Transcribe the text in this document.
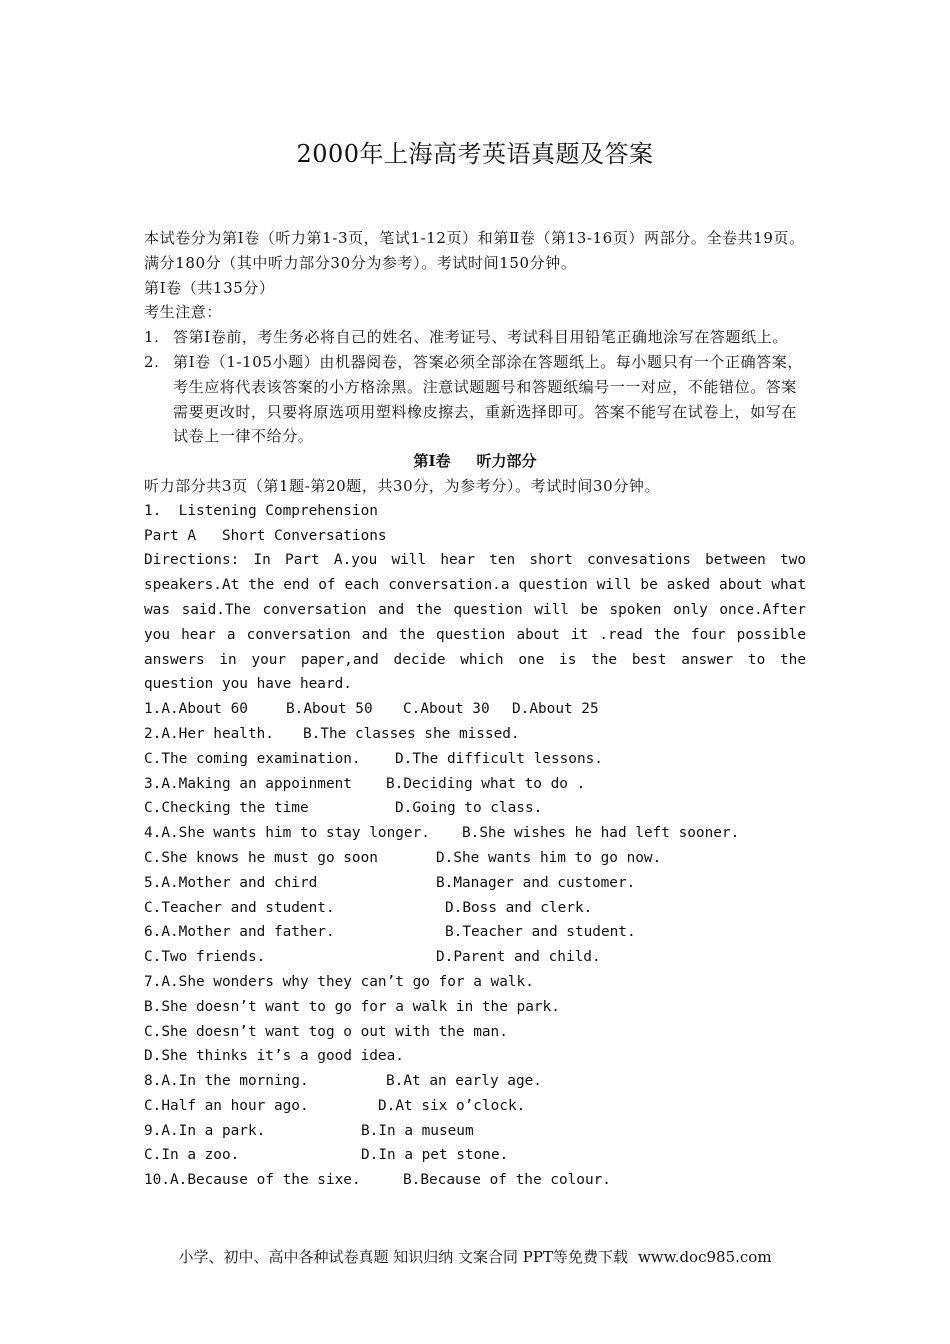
2000年上海高考英语真题及答案
本试卷分为第Ⅰ卷（听力第1-3页，笔试1-12页）和第Ⅱ卷（第13-16页）两部分。全卷共19页。满分180分（其中听力部分30分为参考）。考试时间150分钟。
第Ⅰ卷（共135分）
考生注意：
1. 答第Ⅰ卷前，考生务必将自己的姓名、准考证号、考试科目用铅笔正确地涂写在答题纸上。
2. 第Ⅰ卷（1-105小题）由机器阅卷，答案必须全部涂在答题纸上。每小题只有一个正确答案，考生应将代表该答案的小方格涂黑。注意试题题号和答题纸编号一一对应，不能错位。答案需要更改时，只要将原选项用塑料橡皮擦去，重新选择即可。答案不能写在试卷上，如写在试卷上一律不给分。
第Ⅰ卷 听力部分
听力部分共3页（第1题-第20题，共30分，为参考分）。考试时间30分钟。
1.  Listening Comprehension
Part A   Short Conversations
Directions: In Part A.you will hear ten short convesations between two speakers.At the end of each conversation.a question will be asked about what was said.The conversation and the question will be spoken only once.After you hear a conversation and the question about it .read the four possible answers in your paper,and decide which one is the best answer to the question you have heard.

1.A.About 60

	B.About 50

C.About 30

D.About 25

2.A.Her health.

B.The classes she missed.

C.The coming examination.

D.The difficult lessons.

3.A.Making an appoinment

B.Deciding what to do .

C.Checking the time

	D.Going to class.

4.A.She wants him to stay longer.

B.She wishes he had left sooner.

C.She knows he must go soon

	D.She wants him to go now.

5.A.Mother and chird

	B.Manager and customer.

C.Teacher and student.

	D.Boss and clerk.

6.A.Mother and father.

	B.Teacher and student.

C.Two friends.

	D.Parent and child.

7.A.She wonders why they can’t go for a walk.
B.She doesn’t want to go for a walk in the park.
C.She doesn’t want tog o out with the man.
D.She thinks it’s a good idea.

8.A.In the morning.

	B.At an early age.

C.Half an hour ago.

	D.At six o’clock.

9.A.In a park.

	B.In a museum

C.In a zoo.

	D.In a pet stone.

10.A.Because of the sixe.

	B.Because of the colour.

小学、初中、高中各种试卷真题 知识归纳 文案合同 PPT等免费下载 www.doc985.com
